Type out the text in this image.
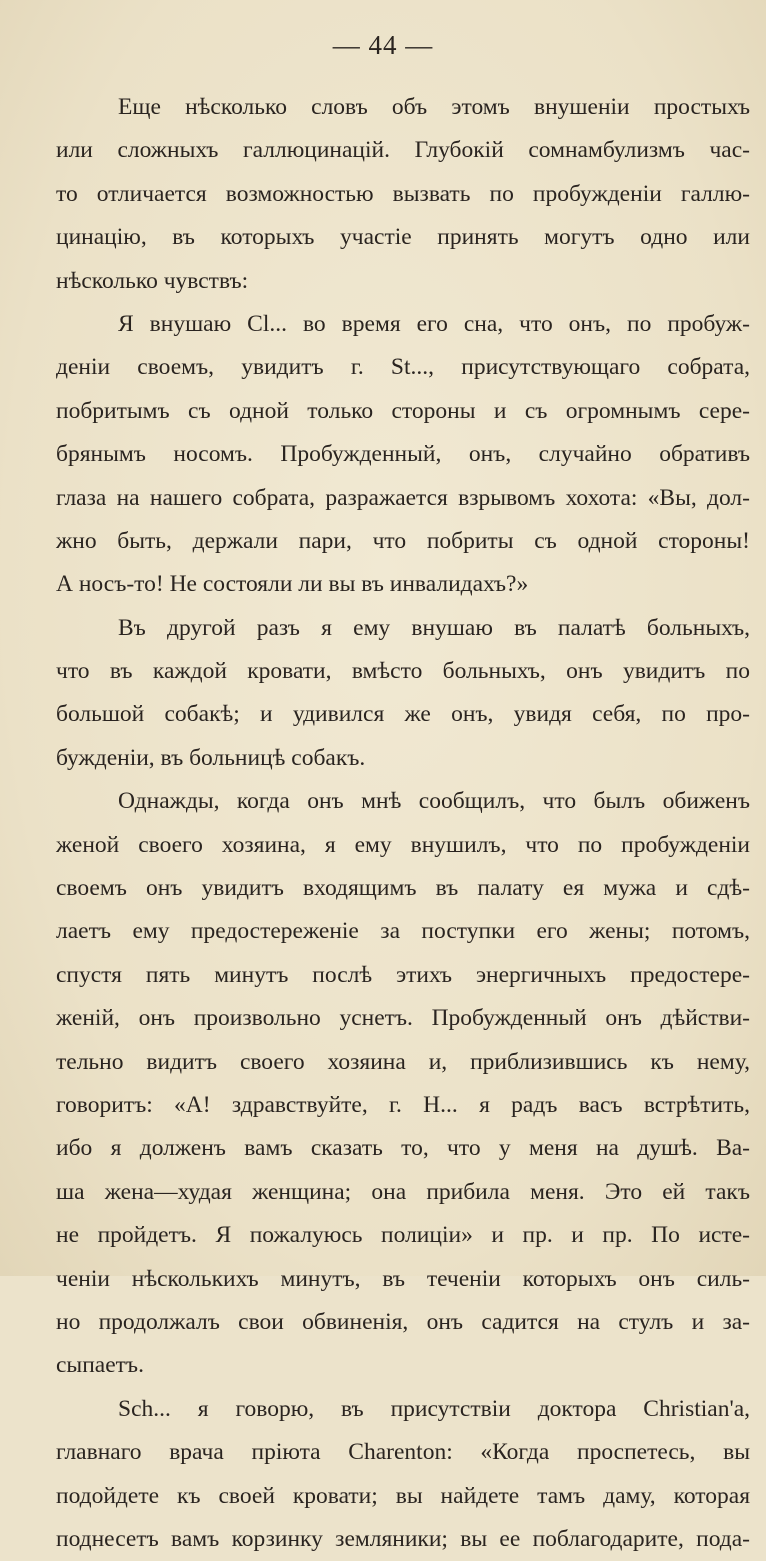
— 44 —
Еще нѣсколько словъ объ этомъ внушеніи простыхъ
или сложныхъ галлюцинацій. Глубокій сомнамбулизмъ час-
то отличается возможностью вызвать по пробужденіи галлю-
цинацію, въ которыхъ участіе принять могутъ одно или
нѣсколько чувствъ:
Я внушаю Cl... во время его сна, что онъ, по пробуж-
деніи своемъ, увидитъ г. St..., присутствующаго собрата,
побритымъ съ одной только стороны и съ огромнымъ сере-
брянымъ носомъ. Пробужденный, онъ, случайно обративъ
глаза на нашего собрата, разражается взрывомъ хохота: «Вы, дол-
жно быть, держали пари, что побриты съ одной стороны!
А носъ-то! Не состояли ли вы въ инвалидахъ?»
Въ другой разъ я ему внушаю въ палатѣ больныхъ,
что въ каждой кровати, вмѣсто больныхъ, онъ увидитъ по
большой собакѣ; и удивился же онъ, увидя себя, по про-
бужденіи, въ больницѣ собакъ.
Однажды, когда онъ мнѣ сообщилъ, что былъ обиженъ
женой своего хозяина, я ему внушилъ, что по пробужденіи
своемъ онъ увидитъ входящимъ въ палату ея мужа и сдѣ-
лаетъ ему предостереженіе за поступки его жены; потомъ,
спустя пять минутъ послѣ этихъ энергичныхъ предостере-
женій, онъ произвольно уснетъ. Пробужденный онъ дѣйстви-
тельно видитъ своего хозяина и, приблизившись къ нему,
говоритъ: «А! здравствуйте, г. Н... я радъ васъ встрѣтить,
ибо я долженъ вамъ сказать то, что у меня на душѣ. Ва-
ша жена—худая женщина; она прибила меня. Это ей такъ
не пройдетъ. Я пожалуюсь полиціи» и пр. и пр. По исте-
ченіи нѣсколькихъ минутъ, въ теченіи которыхъ онъ силь-
но продолжалъ свои обвиненія, онъ садится на стулъ и за-
сыпаетъ.
Sch... я говорю, въ присутствіи доктора Christian'а,
главнаго врача пріюта Charenton: «Когда проспетесь, вы
подойдете къ своей кровати; вы найдете тамъ даму, которая
поднесетъ вамъ корзинку земляники; вы ее поблагодарите, пода-
